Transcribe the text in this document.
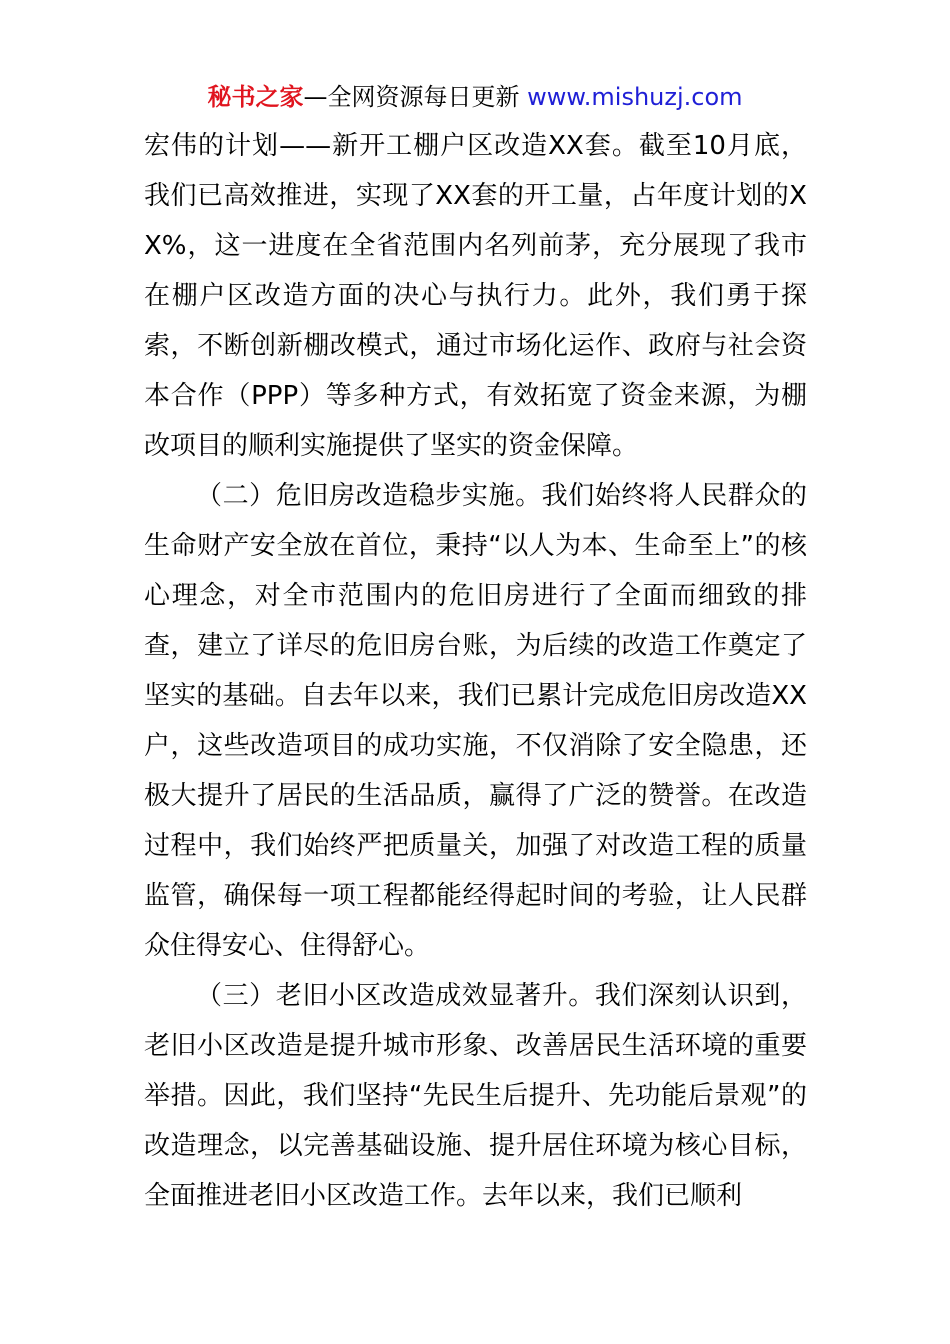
秘书之家—全网资源每日更新 www.mishuzj.com

宏伟的计划——新开工棚户区改造XX套。截至10月底，我们已高效推进，实现了XX套的开工量，占年度计划的XX%，这一进度在全省范围内名列前茅，充分展现了我市在棚户区改造方面的决心与执行力。此外，我们勇于探索，不断创新棚改模式，通过市场化运作、政府与社会资本合作（PPP）等多种方式，有效拓宽了资金来源，为棚改项目的顺利实施提供了坚实的资金保障。

（二）危旧房改造稳步实施。我们始终将人民群众的生命财产安全放在首位，秉持“以人为本、生命至上”的核心理念，对全市范围内的危旧房进行了全面而细致的排查，建立了详尽的危旧房台账，为后续的改造工作奠定了坚实的基础。自去年以来，我们已累计完成危旧房改造XX户，这些改造项目的成功实施，不仅消除了安全隐患，还极大提升了居民的生活品质，赢得了广泛的赞誉。在改造过程中，我们始终严把质量关，加强了对改造工程的质量监管，确保每一项工程都能经得起时间的考验，让人民群众住得安心、住得舒心。

（三）老旧小区改造成效显著升。我们深刻认识到，老旧小区改造是提升城市形象、改善居民生活环境的重要举措。因此，我们坚持“先民生后提升、先功能后景观”的改造理念，以完善基础设施、提升居住环境为核心目标，全面推进老旧小区改造工作。去年以来，我们已顺利
